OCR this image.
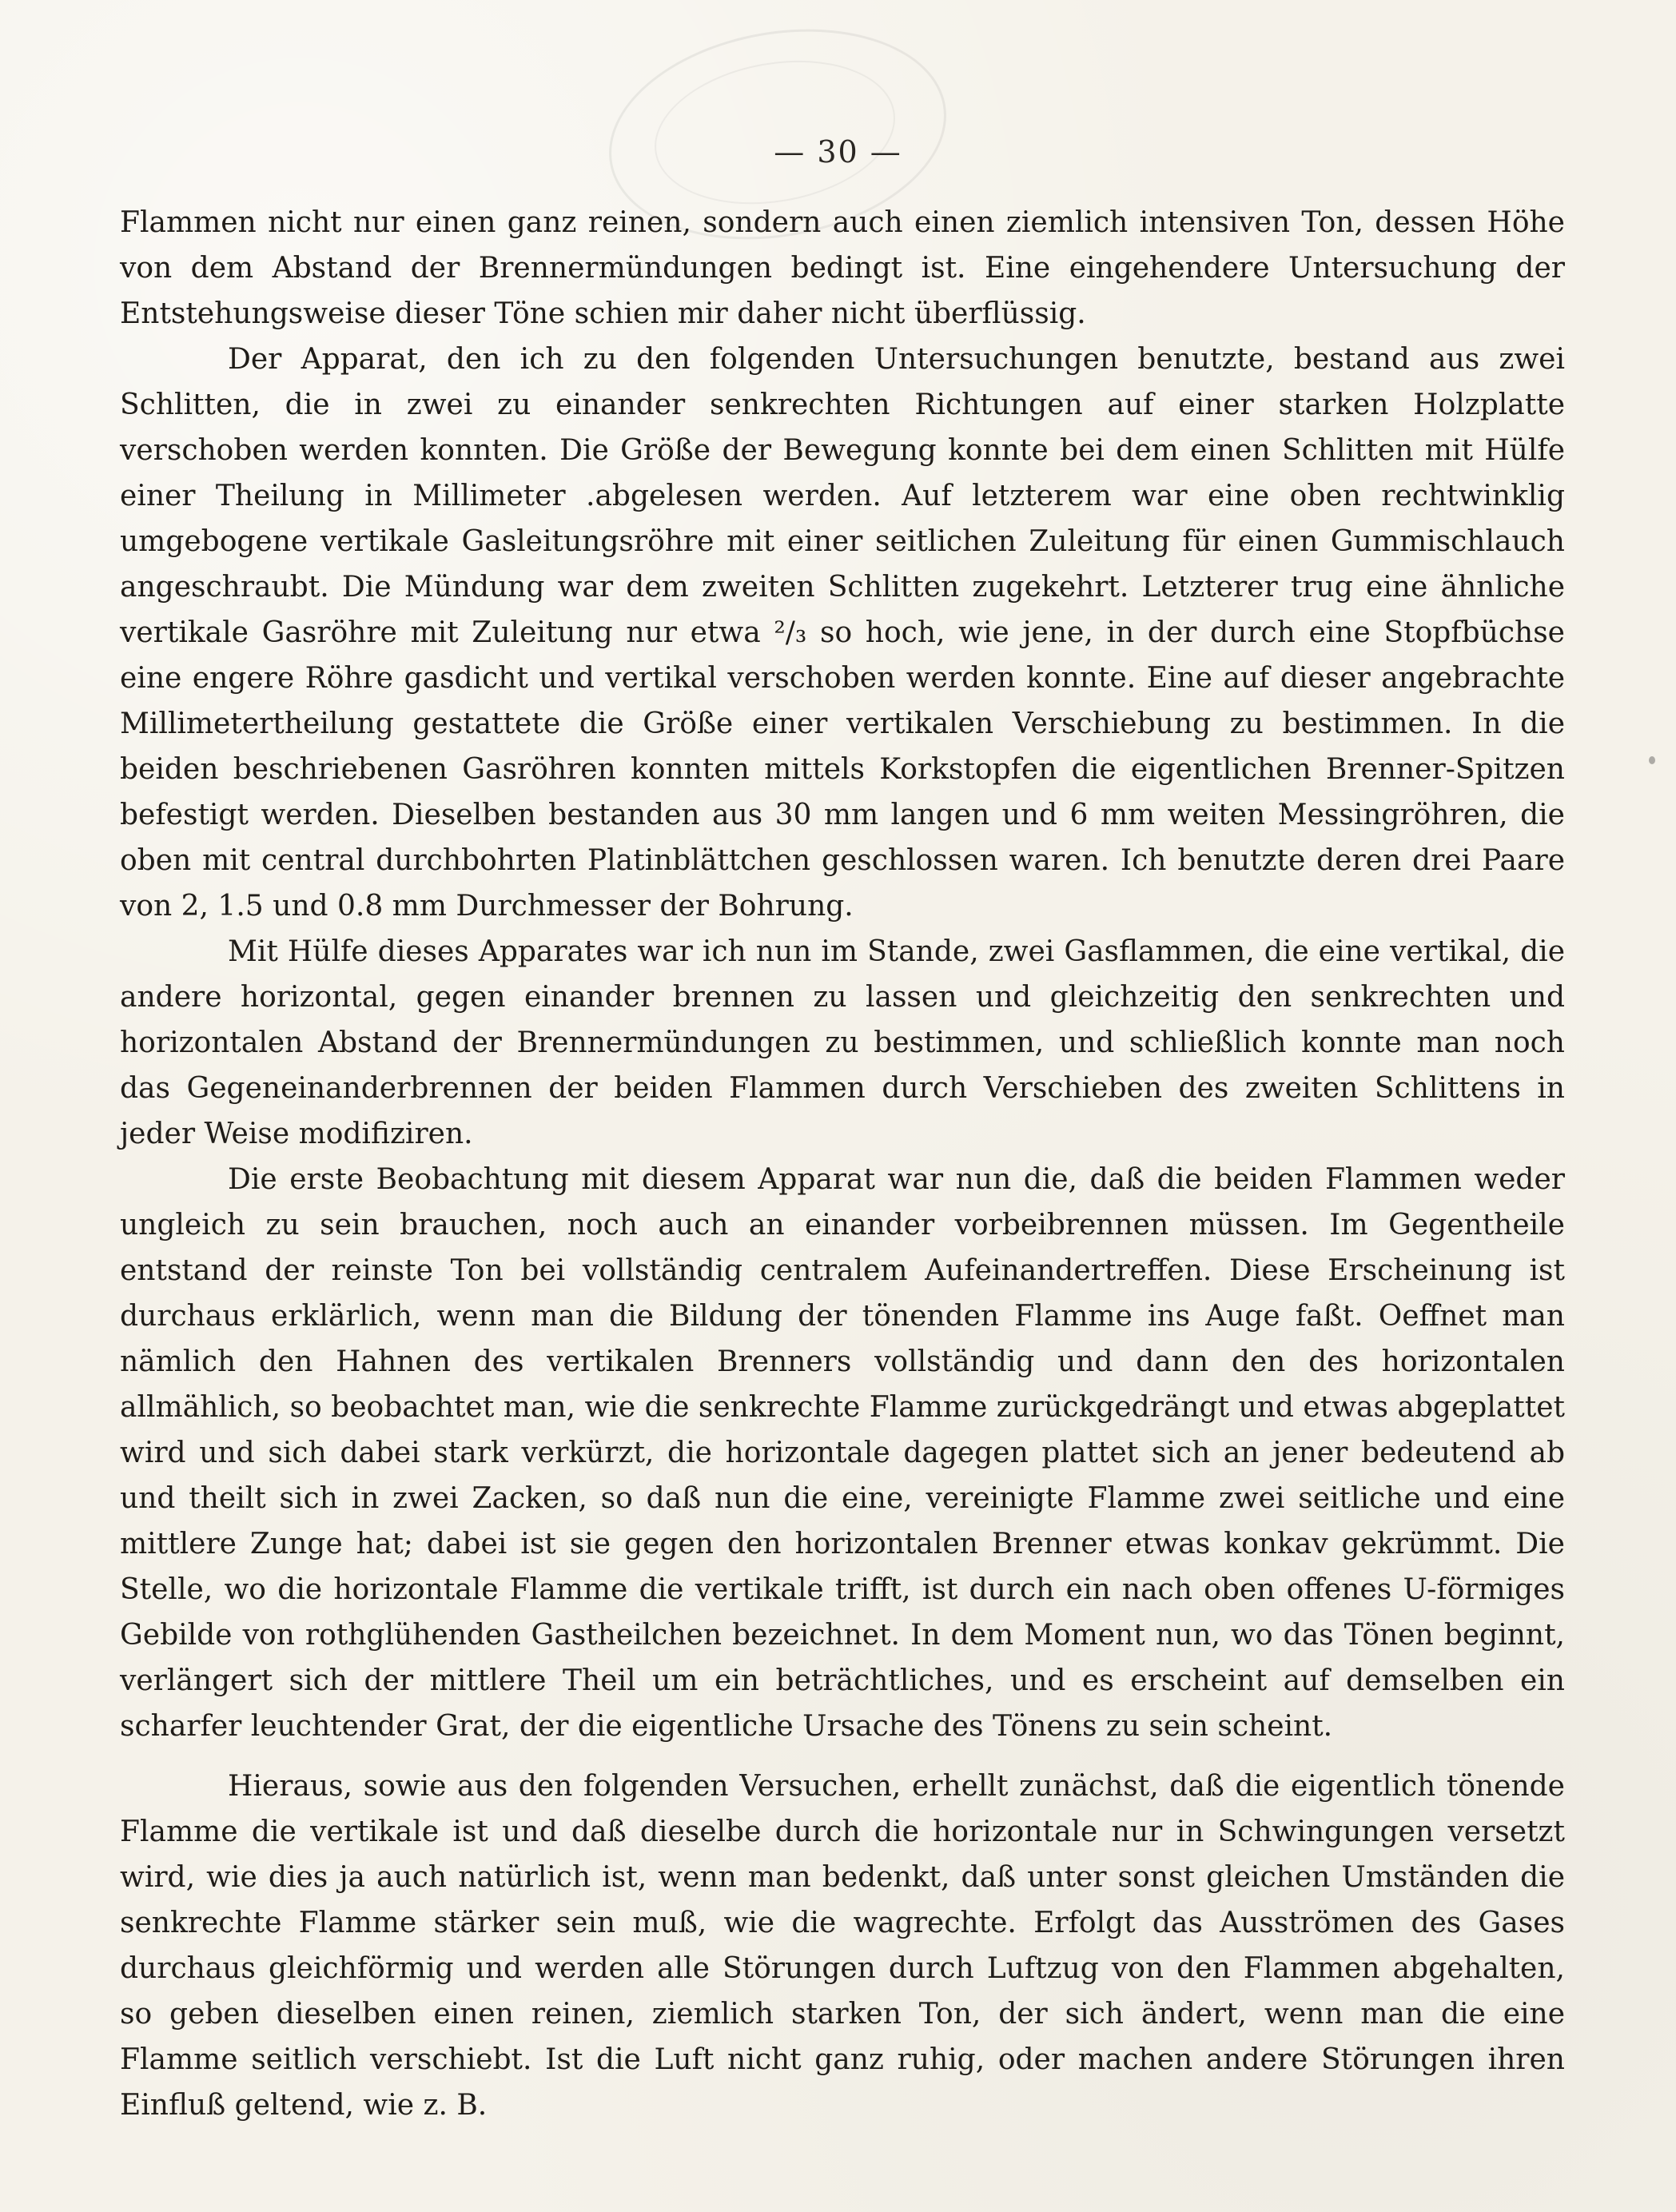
— 30 —

Flammen nicht nur einen ganz reinen, sondern auch einen ziemlich intensiven Ton, dessen Höhe von dem Abstand der Brennermündungen bedingt ist. Eine eingehendere Untersuchung der Entstehungsweise dieser Töne schien mir daher nicht überflüssig.

Der Apparat, den ich zu den folgenden Untersuchungen benutzte, bestand aus zwei Schlitten, die in zwei zu einander senkrechten Richtungen auf einer starken Holzplatte verschoben werden konnten. Die Größe der Bewegung konnte bei dem einen Schlitten mit Hülfe einer Theilung in Millimeter .abgelesen werden. Auf letzterem war eine oben rechtwinklig umgebogene vertikale Gasleitungsröhre mit einer seitlichen Zuleitung für einen Gummischlauch angeschraubt. Die Mündung war dem zweiten Schlitten zugekehrt. Letzterer trug eine ähnliche vertikale Gasröhre mit Zuleitung nur etwa ²/₃ so hoch, wie jene, in der durch eine Stopfbüchse eine engere Röhre gasdicht und vertikal verschoben werden konnte. Eine auf dieser angebrachte Millimetertheilung gestattete die Größe einer vertikalen Verschiebung zu bestimmen. In die beiden beschriebenen Gasröhren konnten mittels Korkstopfen die eigentlichen Brenner-Spitzen befestigt werden. Dieselben bestanden aus 30 mm langen und 6 mm weiten Messingröhren, die oben mit central durchbohrten Platinblättchen geschlossen waren. Ich benutzte deren drei Paare von 2, 1.5 und 0.8 mm Durchmesser der Bohrung.

Mit Hülfe dieses Apparates war ich nun im Stande, zwei Gasflammen, die eine vertikal, die andere horizontal, gegen einander brennen zu lassen und gleichzeitig den senkrechten und horizontalen Abstand der Brennermündungen zu bestimmen, und schließlich konnte man noch das Gegeneinanderbrennen der beiden Flammen durch Verschieben des zweiten Schlittens in jeder Weise modifiziren.

Die erste Beobachtung mit diesem Apparat war nun die, daß die beiden Flammen weder ungleich zu sein brauchen, noch auch an einander vorbeibrennen müssen. Im Gegentheile entstand der reinste Ton bei vollständig centralem Aufeinandertreffen. Diese Erscheinung ist durchaus erklärlich, wenn man die Bildung der tönenden Flamme ins Auge faßt. Oeffnet man nämlich den Hahnen des vertikalen Brenners vollständig und dann den des horizontalen allmählich, so beobachtet man, wie die senkrechte Flamme zurückgedrängt und etwas abgeplattet wird und sich dabei stark verkürzt, die horizontale dagegen plattet sich an jener bedeutend ab und theilt sich in zwei Zacken, so daß nun die eine, vereinigte Flamme zwei seitliche und eine mittlere Zunge hat; dabei ist sie gegen den horizontalen Brenner etwas konkav gekrümmt. Die Stelle, wo die horizontale Flamme die vertikale trifft, ist durch ein nach oben offenes U-förmiges Gebilde von rothglühenden Gastheilchen bezeichnet. In dem Moment nun, wo das Tönen beginnt, verlängert sich der mittlere Theil um ein beträchtliches, und es erscheint auf demselben ein scharfer leuchtender Grat, der die eigentliche Ursache des Tönens zu sein scheint.

Hieraus, sowie aus den folgenden Versuchen, erhellt zunächst, daß die eigentlich tönende Flamme die vertikale ist und daß dieselbe durch die horizontale nur in Schwingungen versetzt wird, wie dies ja auch natürlich ist, wenn man bedenkt, daß unter sonst gleichen Umständen die senkrechte Flamme stärker sein muß, wie die wagrechte. Erfolgt das Ausströmen des Gases durchaus gleichförmig und werden alle Störungen durch Luftzug von den Flammen abgehalten, so geben dieselben einen reinen, ziemlich starken Ton, der sich ändert, wenn man die eine Flamme seitlich verschiebt. Ist die Luft nicht ganz ruhig, oder machen andere Störungen ihren Einfluß geltend, wie z. B.
